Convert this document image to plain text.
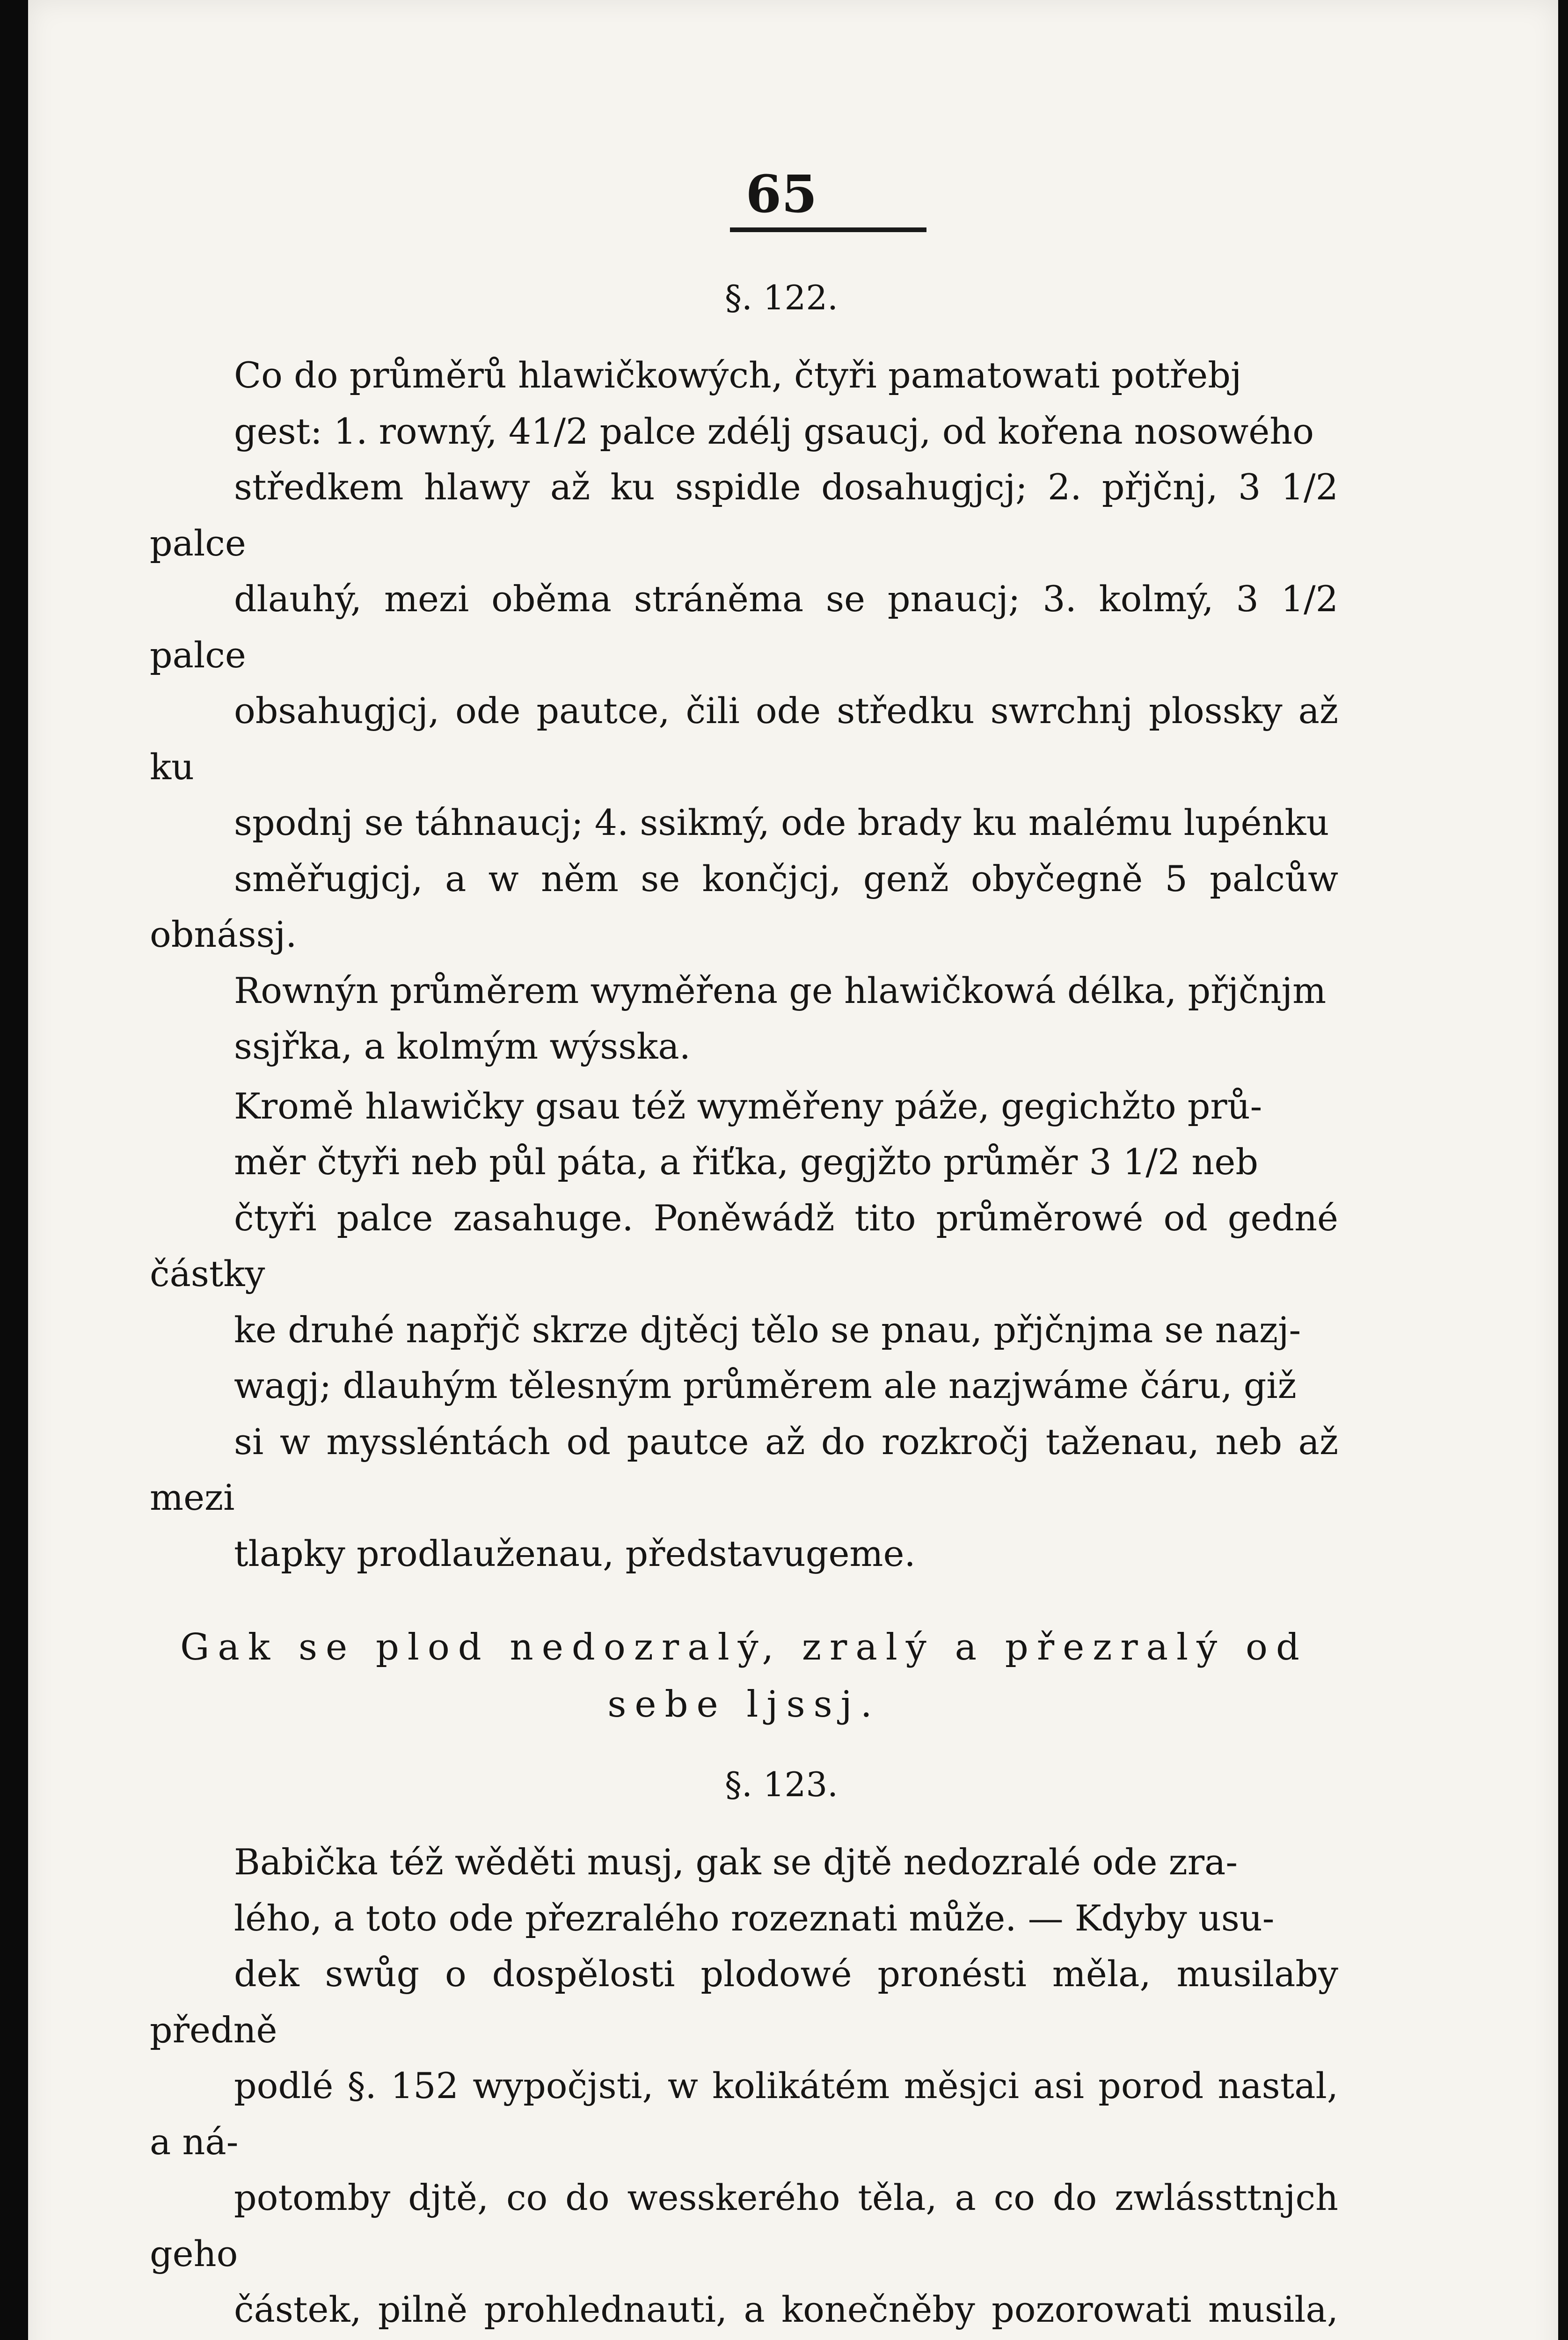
65
§. 122.
Co do průměrů hlawičkowých, čtyři pamatowati potřebj
gest: 1. rowný, 41/2 palce zdélj gsaucj, od kořena nosowého
středkem hlawy až ku sspidle dosahugjcj; 2. přjčnj, 3 1/2 palce
dlauhý, mezi oběma stráněma se pnaucj; 3. kolmý, 3 1/2 palce
obsahugjcj, ode pautce, čili ode středku swrchnj plossky až ku
spodnj se táhnaucj; 4. ssikmý, ode brady ku malému lupénku
směřugjcj, a w něm se končjcj, genž obyčegně 5 palcůw obnássj.
Rownýn průměrem wyměřena ge hlawičkowá délka, přjčnjm
ssjřka, a kolmým wýsska.
Kromě hlawičky gsau též wyměřeny páže, gegichžto prů-
měr čtyři neb půl páta, a řiťka, gegjžto průměr 3 1/2 neb
čtyři palce zasahuge. Poněwádž tito průměrowé od gedné částky
ke druhé napřjč skrze djtěcj tělo se pnau, přjčnjma se nazj-
wagj; dlauhým tělesným průměrem ale nazjwáme čáru, giž
si w myssléntách od pautce až do rozkročj taženau, neb až mezi
tlapky prodlauženau, představugeme.
Gak se plod nedozralý, zralý a přezralý od
sebe ljssj.
§. 123.
Babička též wěděti musj, gak se djtě nedozralé ode zra-
lého, a toto ode přezralého rozeznati může. — Kdyby usu-
dek swůg o dospělosti plodowé pronésti měla, musilaby předně
podlé §. 152 wypočjsti, w kolikátém měsjci asi porod nastal, a ná-
potomby djtě, co do wesskerého těla, a co do zwlássttnjch geho
částek, pilně prohlednauti, a konečněby pozorowati musila,
